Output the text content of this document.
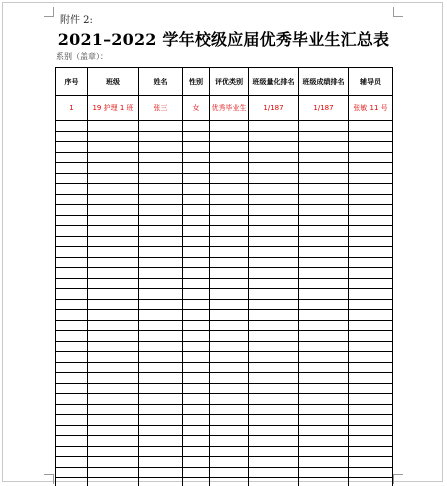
附件 2:
2021–2022 学年校级应届优秀毕业生汇总表
系别（盖章）：
序号	班级	姓名	性别	评优类别	班级量化排名	班级成绩排名	辅导员
1	19 护理 1 班	张三	女	优秀毕业生	1/187	1/187	张敏 11 号
